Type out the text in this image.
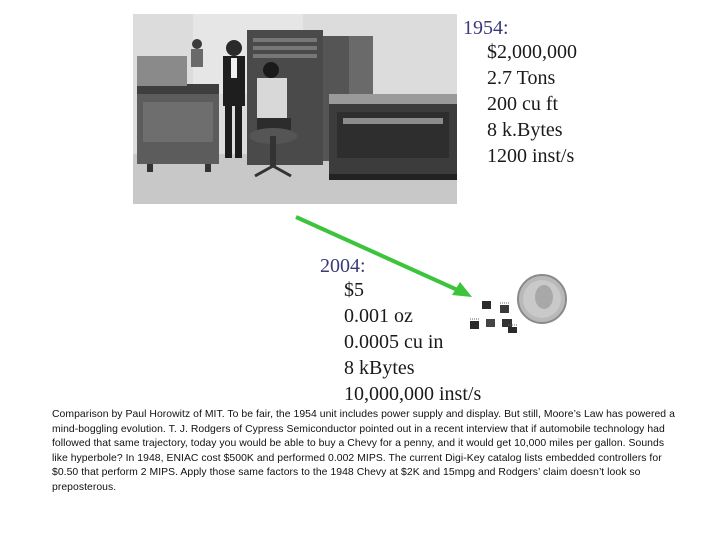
1954:
$2,000,000
2.7 Tons
200 cu ft
8 k.Bytes
1200 inst/s
2004:
$5
0.001 oz
0.0005 cu in
8 kBytes
10,000,000 inst/s
Comparison by Paul Horowitz of MIT. To be fair, the 1954 unit includes power supply and display. But still, Moore’s Law has powered a mind-boggling evolution. T. J. Rodgers of Cypress Semiconductor pointed out in a recent interview that if automobile technology had followed that same trajectory, today you would be able to buy a Chevy for a penny, and it would get 10,000 miles per gallon. Sounds like hyperbole? In 1948, ENIAC cost $500K and performed 0.002 MIPS. The current Digi-Key catalog lists embedded controllers for $0.50 that perform 2 MIPS. Apply those same factors to the 1948 Chevy at $2K and 15mpg and Rodgers’ claim doesn’t look so preposterous.
